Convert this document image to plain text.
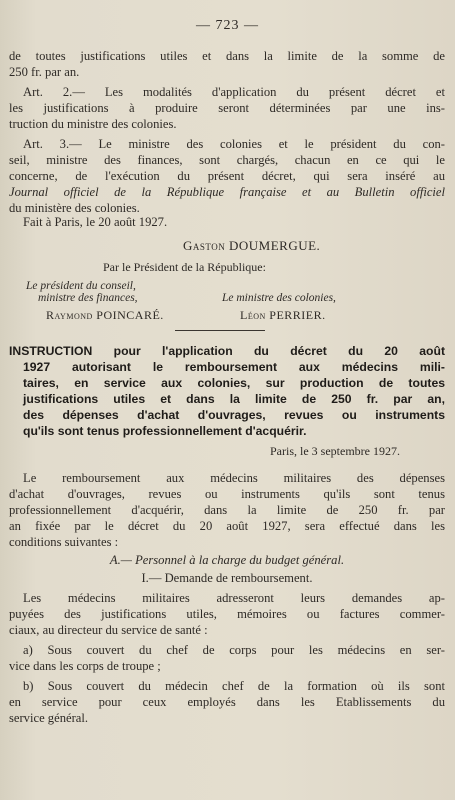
— 723 —
de toutes justifications utiles et dans la limite de la somme de
250 fr. par an.
Art. 2.— Les modalités d'application du présent décret et
les justifications à produire seront déterminées par une ins-
truction du ministre des colonies.
Art. 3.— Le ministre des colonies et le président du con-
seil, ministre des finances, sont chargés, chacun en ce qui le
concerne, de l'exécution du présent décret, qui sera inséré au
Journal officiel de la République française et au Bulletin officiel
du ministère des colonies.
Fait à Paris, le 20 août 1927.
Gaston DOUMERGUE.
Par le Président de la République:
Le président du conseil,
ministre des finances,	Le ministre des colonies,
Raymond POINCARÉ.	Léon PERRIER.
INSTRUCTION pour l'application du décret du 20 août
1927 autorisant le remboursement aux médecins mili-
taires, en service aux colonies, sur production de toutes
justifications utiles et dans la limite de 250 fr. par an,
des dépenses d'achat d'ouvrages, revues ou instruments
qu'ils sont tenus professionnellement d'acquérir.
Paris, le 3 septembre 1927.
Le remboursement aux médecins militaires des dépenses
d'achat d'ouvrages, revues ou instruments qu'ils sont tenus
professionnellement d'acquérir, dans la limite de 250 fr. par
an fixée par le décret du 20 août 1927, sera effectué dans les
conditions suivantes :
A.— Personnel à la charge du budget général.
I.— Demande de remboursement.
Les médecins militaires adresseront leurs demandes ap-
puyées des justifications utiles, mémoires ou factures commer-
ciaux, au directeur du service de santé :
a) Sous couvert du chef de corps pour les médecins en ser-
vice dans les corps de troupe ;
b) Sous couvert du médecin chef de la formation où ils sont
en service pour ceux employés dans les Etablissements du
service général.
